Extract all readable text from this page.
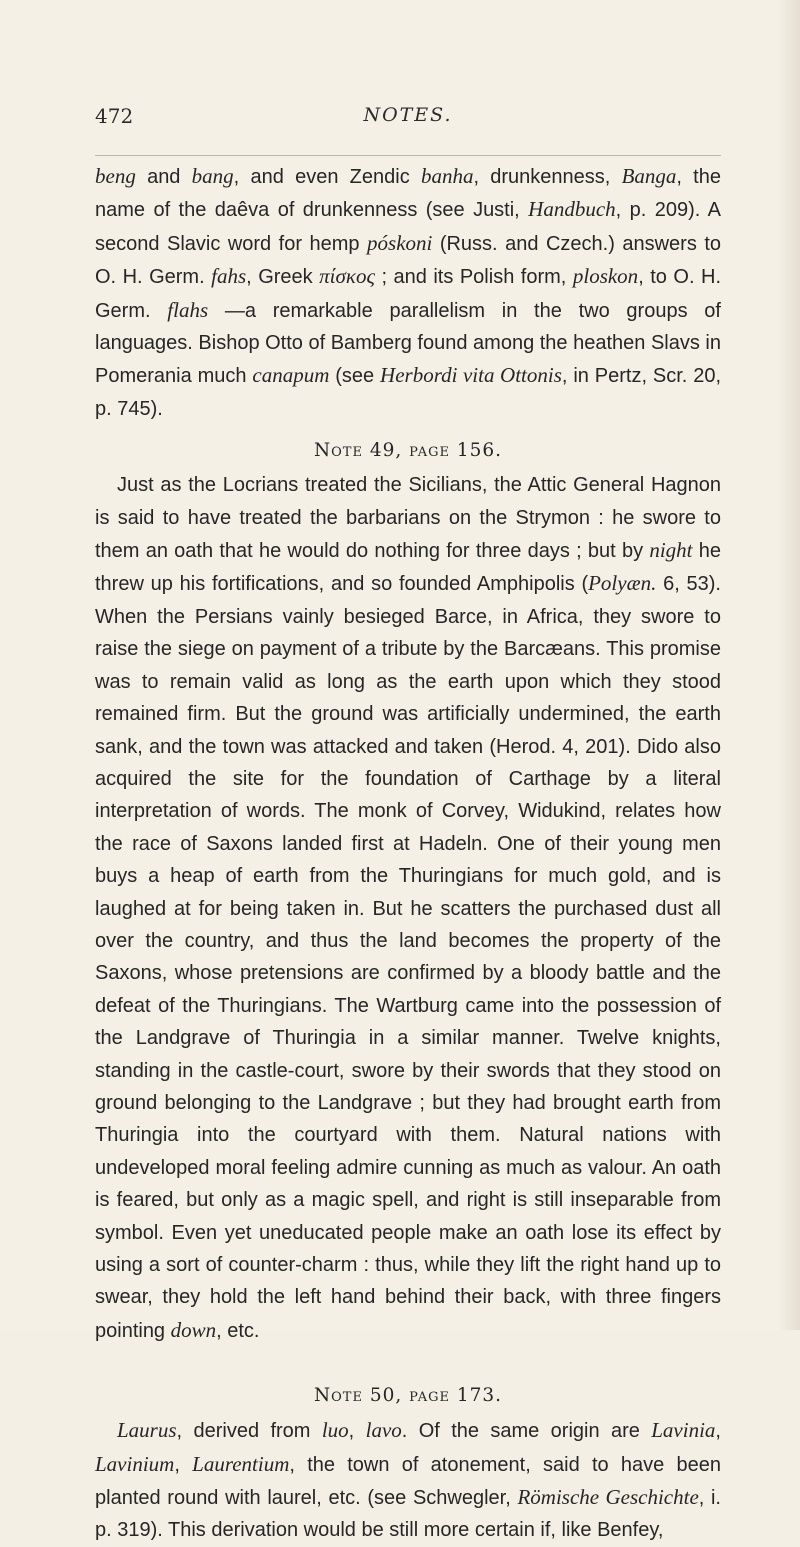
472	NOTES.

beng and bang, and even Zendic banha, drunkenness, Banga, the name of the daêva of drunkenness (see Justi, Handbuch, p. 209). A second Slavic word for hemp póskoni (Russ. and Czech.) answers to O. H. Germ. fahs, Greek πίσκος ; and its Polish form, ploskon, to O. H. Germ. flahs —a remarkable parallelism in the two groups of languages. Bishop Otto of Bamberg found among the heathen Slavs in Pomerania much canapum (see Herbordi vita Ottonis, in Pertz, Scr. 20, p. 745).

Note 49, page 156.

Just as the Locrians treated the Sicilians, the Attic General Hagnon is said to have treated the barbarians on the Strymon : he swore to them an oath that he would do nothing for three days ; but by night he threw up his fortifications, and so founded Amphipolis (Polyæn. 6, 53). When the Persians vainly besieged Barce, in Africa, they swore to raise the siege on payment of a tribute by the Barcæans. This promise was to remain valid as long as the earth upon which they stood remained firm. But the ground was artificially undermined, the earth sank, and the town was attacked and taken (Herod. 4, 201). Dido also acquired the site for the foundation of Carthage by a literal interpretation of words. The monk of Corvey, Widukind, relates how the race of Saxons landed first at Hadeln. One of their young men buys a heap of earth from the Thuringians for much gold, and is laughed at for being taken in. But he scatters the purchased dust all over the country, and thus the land becomes the property of the Saxons, whose pretensions are confirmed by a bloody battle and the defeat of the Thuringians. The Wartburg came into the possession of the Landgrave of Thuringia in a similar manner. Twelve knights, standing in the castle-court, swore by their swords that they stood on ground belonging to the Landgrave ; but they had brought earth from Thuringia into the courtyard with them. Natural nations with undeveloped moral feeling admire cunning as much as valour. An oath is feared, but only as a magic spell, and right is still inseparable from symbol. Even yet uneducated people make an oath lose its effect by using a sort of counter-charm : thus, while they lift the right hand up to swear, they hold the left hand behind their back, with three fingers pointing down, etc.

Note 50, page 173.

Laurus, derived from luo, lavo. Of the same origin are Lavinia, Lavinium, Laurentium, the town of atonement, said to have been planted round with laurel, etc. (see Schwegler, Römische Geschichte, i. p. 319). This derivation would be still more certain if, like Benfey,
